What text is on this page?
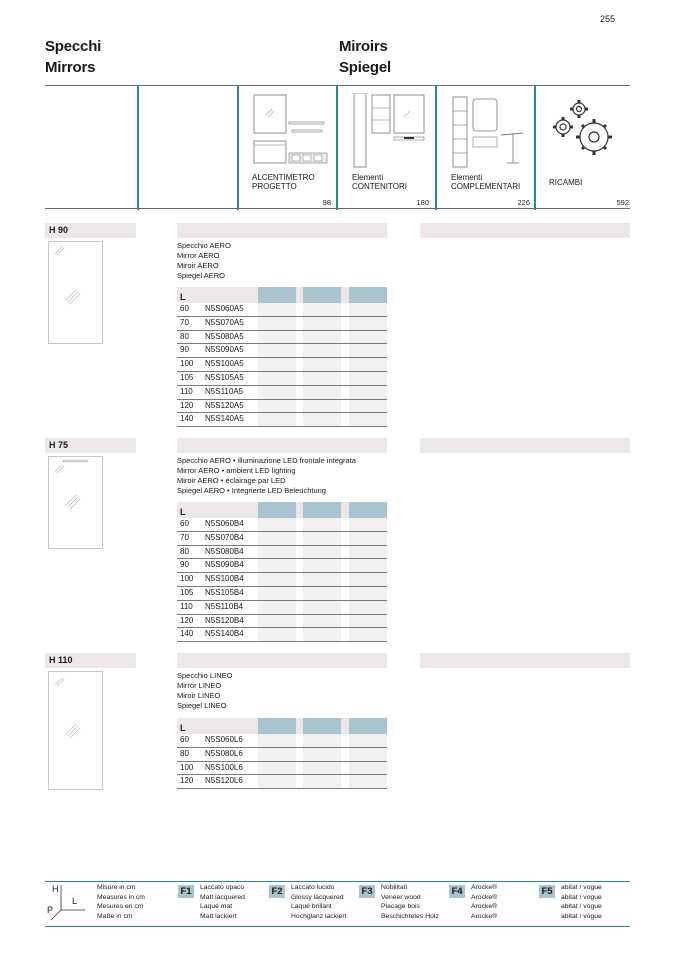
255
Specchi
Mirrors
Miroirs
Spiegel
ALCENTIMETRO
PROGETTO
98
Elementi
CONTENITORI
180
Elementi
COMPLEMENTARI
226
RICAMBI
592
H 90
Specchio AERO
Mirror AERO
Miroir AERO
Spiegel AERO
L
60 N5S060A5
70 N5S070A5
80 N5S080A5
90 N5S090A5
100 N5S100A5
105 N5S105A5
110 N5S110A5
120 N5S120A5
140 N5S140A5
H 75
Specchio AERO • illuminazione LED frontale integrata
Mirror AERO • ambient LED lighting
Miroir AERO • éclairage par LED
Spiegel AERO • Integrierte LED Beleuchtung
L
60 N5S060B4
70 N5S070B4
80 N5S080B4
90 N5S090B4
100 N5S100B4
105 N5S105B4
110 N5S110B4
120 N5S120B4
140 N5S140B4
H 110
Specchio LINEO
Mirror LINEO
Miroir LINEO
Spiegel LINEO
L
60 N5S060L6
80 N5S080L6
100 N5S100L6
120 N5S120L6
H
L
P
Misure in cm
Measures in cm
Mesures en cm
Maße in cm
F1	Laccato opaco
Matt lacquered
Laqué mat
Matt lackiert
F2	Laccato lucido
Glossy lacquered
Laqué brillant
Hochglanz lackiert
F3	Nobilitati
Veneer wood
Placage bois
Beschichtetes Holz
F4	Arocke®
Arocke®
Arocke®
Arocke®
F5	abitat / vogue
abitat / vogue
abitat / vogue
abitat / vogue
